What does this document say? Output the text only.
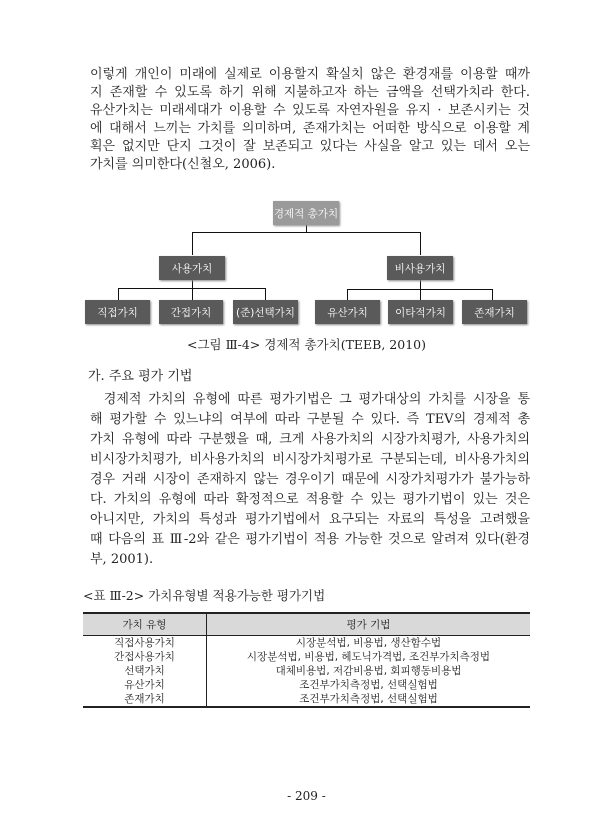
이렇게 개인이 미래에 실제로 이용할지 확실치 않은 환경재를 이용할 때까
지 존재할 수 있도록 하기 위해 지불하고자 하는 금액을 선택가치라 한다.
유산가치는 미래세대가 이용할 수 있도록 자연자원을 유지 · 보존시키는 것
에 대해서 느끼는 가치를 의미하며, 존재가치는 어떠한 방식으로 이용할 계
획은 없지만 단지 그것이 잘 보존되고 있다는 사실을 알고 있는 데서 오는
가치를 의미한다(신철오, 2006).
경제적 총가치
사용가치	비사용가치
직접가치	간접가치	(준)선택가치	유산가치	이타적가치	존재가치
<그림 Ⅲ-4> 경제적 총가치(TEEB, 2010)
가. 주요 평가 기법
경제적 가치의 유형에 따른 평가기법은 그 평가대상의 가치를 시장을 통
해 평가할 수 있느냐의 여부에 따라 구분될 수 있다. 즉 TEV의 경제적 총
가치 유형에 따라 구분했을 때, 크게 사용가치의 시장가치평가, 사용가치의
비시장가치평가, 비사용가치의 비시장가치평가로 구분되는데, 비사용가치의
경우 거래 시장이 존재하지 않는 경우이기 때문에 시장가치평가가 불가능하
다. 가치의 유형에 따라 확정적으로 적용할 수 있는 평가기법이 있는 것은
아니지만, 가치의 특성과 평가기법에서 요구되는 자료의 특성을 고려했을
때 다음의 표 Ⅲ-2와 같은 평가기법이 적용 가능한 것으로 알려져 있다(환경
부, 2001).
<표 Ⅲ-2> 가치유형별 적용가능한 평가기법
가치 유형	평가 기법
직접사용가치	시장분석법, 비용법, 생산함수법
간접사용가치	시장분석법, 비용법, 헤도닉가격법, 조건부가치측정법
선택가치	대체비용법, 저감비용법, 회피행동비용법
유산가치	조건부가치측정법, 선택실험법
존재가치	조건부가치측정법, 선택실험법
- 209 -
